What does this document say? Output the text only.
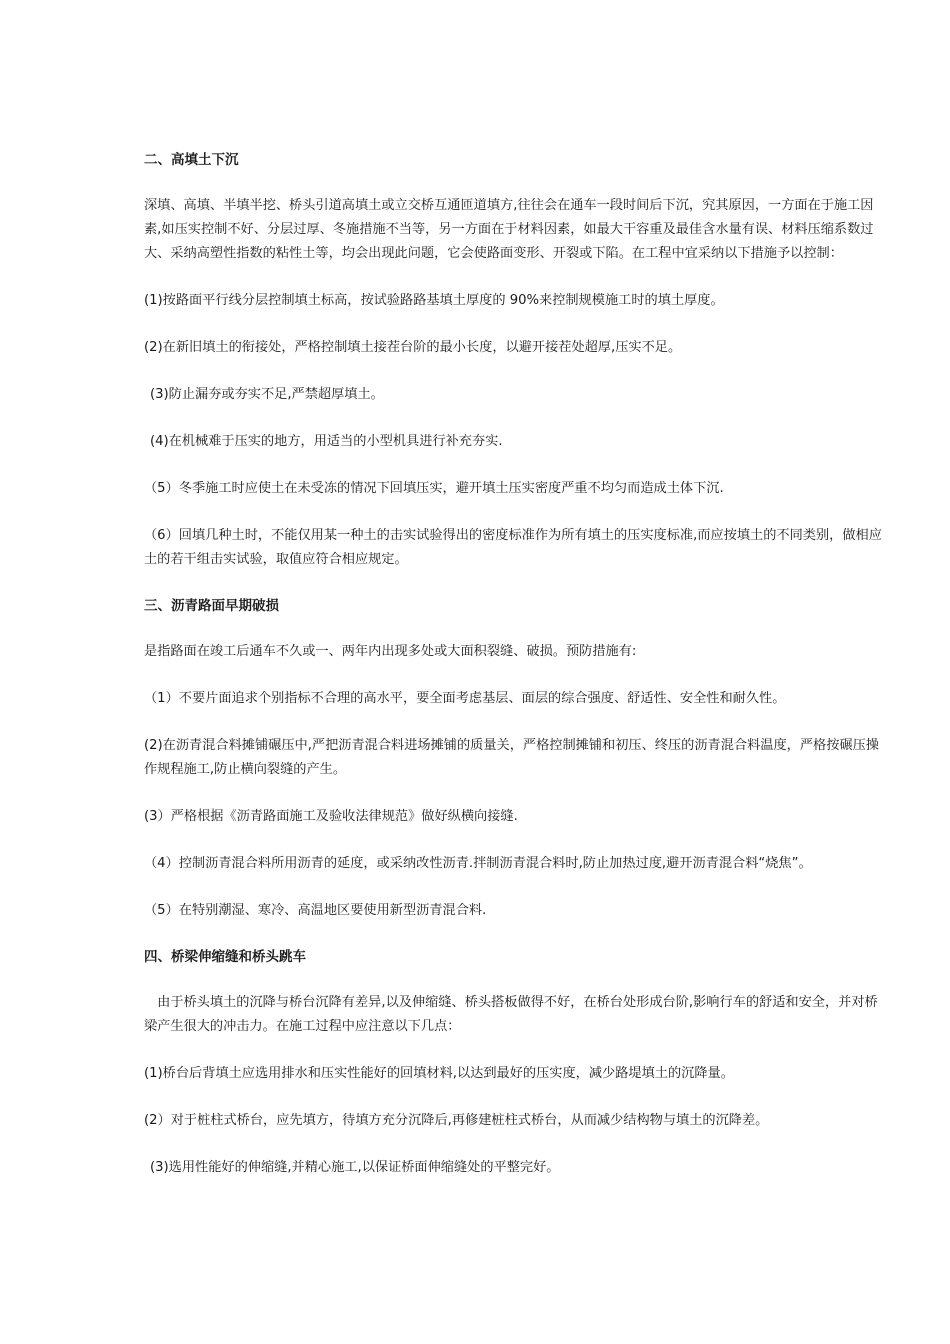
二、高填土下沉
深填、高填、半填半挖、桥头引道高填土或立交桥互通匝道填方,往往会在通车一段时间后下沉，究其原因，一方面在于施工因
素,如压实控制不好、分层过厚、冬施措施不当等，另一方面在于材料因素，如最大干容重及最佳含水量有误、材料压缩系数过
大、采纳高塑性指数的粘性土等，均会出现此问题，它会使路面变形、开裂或下陷。在工程中宜采纳以下措施予以控制：
(1)按路面平行线分层控制填土标高，按试验路路基填土厚度的 90%来控制规模施工时的填土厚度。
(2)在新旧填土的衔接处，严格控制填土接茬台阶的最小长度，以避开接茬处超厚,压实不足。
(3)防止漏夯或夯实不足,严禁超厚填土。
(4)在机械难于压实的地方，用适当的小型机具进行补充夯实.
（5）冬季施工时应使土在未受冻的情况下回填压实，避开填土压实密度严重不均匀而造成土体下沉.
（6）回填几种土时，不能仅用某一种土的击实试验得出的密度标准作为所有填土的压实度标准,而应按填土的不同类别，做相应
土的若干组击实试验，取值应符合相应规定。
三、沥青路面早期破损
是指路面在竣工后通车不久或一、两年内出现多处或大面积裂缝、破损。预防措施有:
（1）不要片面追求个别指标不合理的高水平，要全面考虑基层、面层的综合强度、舒适性、安全性和耐久性。
(2)在沥青混合料摊铺碾压中,严把沥青混合料进场摊铺的质量关，严格控制摊铺和初压、终压的沥青混合料温度，严格按碾压操
作规程施工,防止横向裂缝的产生。
(3）严格根据《沥青路面施工及验收法律规范》做好纵横向接缝.
（4）控制沥青混合料所用沥青的延度，或采纳改性沥青.拌制沥青混合料时,防止加热过度,避开沥青混合料“烧焦”。
（5）在特别潮湿、寒冷、高温地区要使用新型沥青混合料.
四、桥梁伸缩缝和桥头跳车
　由于桥头填土的沉降与桥台沉降有差异,以及伸缩缝、桥头搭板做得不好，在桥台处形成台阶,影响行车的舒适和安全，并对桥
梁产生很大的冲击力。在施工过程中应注意以下几点：
(1)桥台后背填土应选用排水和压实性能好的回填材料,以达到最好的压实度，减少路堤填土的沉降量。
(2）对于桩柱式桥台，应先填方，待填方充分沉降后,再修建桩柱式桥台，从而减少结构物与填土的沉降差。
(3)选用性能好的伸缩缝,并精心施工,以保证桥面伸缩缝处的平整完好。
